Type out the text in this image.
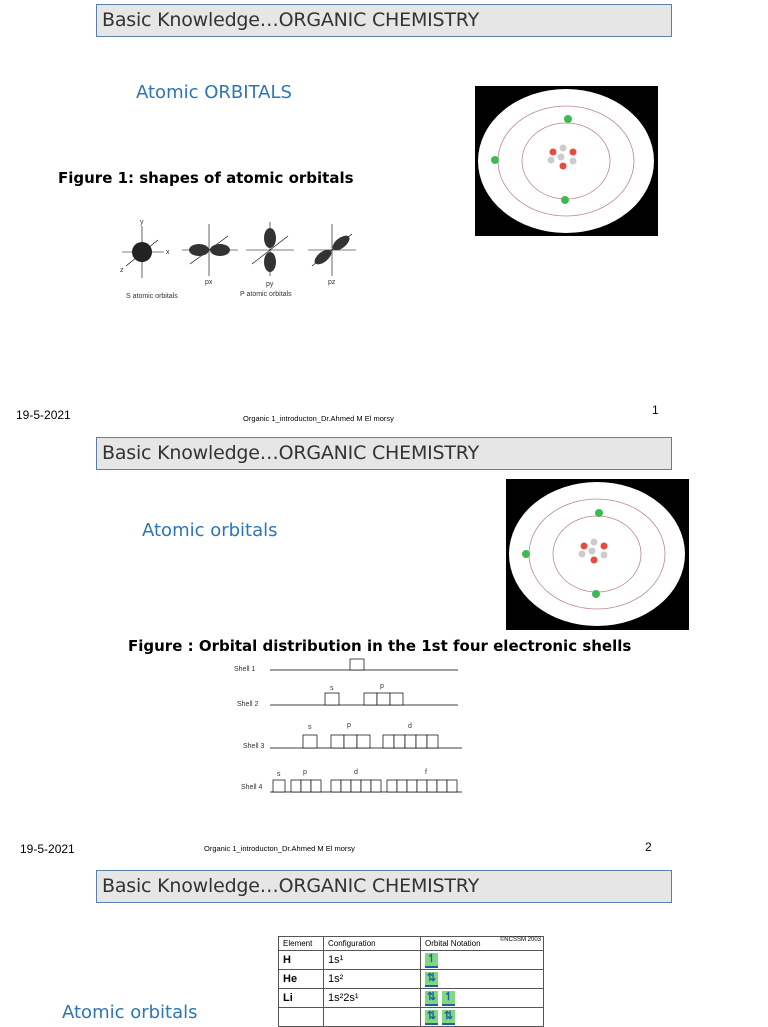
Basic Knowledge…ORGANIC CHEMISTRY
Atomic ORBITALS
Figure 1: shapes of atomic orbitals
y
x
z
px	py	pz
S atomic orbitals	P atomic orbitals
19-5-2021	Organic 1_introducton_Dr.Ahmed M El morsy
1
Basic Knowledge…ORGANIC CHEMISTRY
Atomic orbitals
Figure : Orbital distribution in the 1st four electronic shells
s	p
s	p	d
s	p	d	f
Shell 1
Shell 2
Shell 3
Shell 4
19-5-2021	Organic 1_introducton_Dr.Ahmed M El morsy	2
Basic Knowledge…ORGANIC CHEMISTRY
Atomic orbitals
Element	Configuration	Orbital Notation ©NCSSM 2003

H	1s¹	↿
He	1s²	⇅
Li	1s²2s¹	⇅ ↿
		⇅ ⇅
